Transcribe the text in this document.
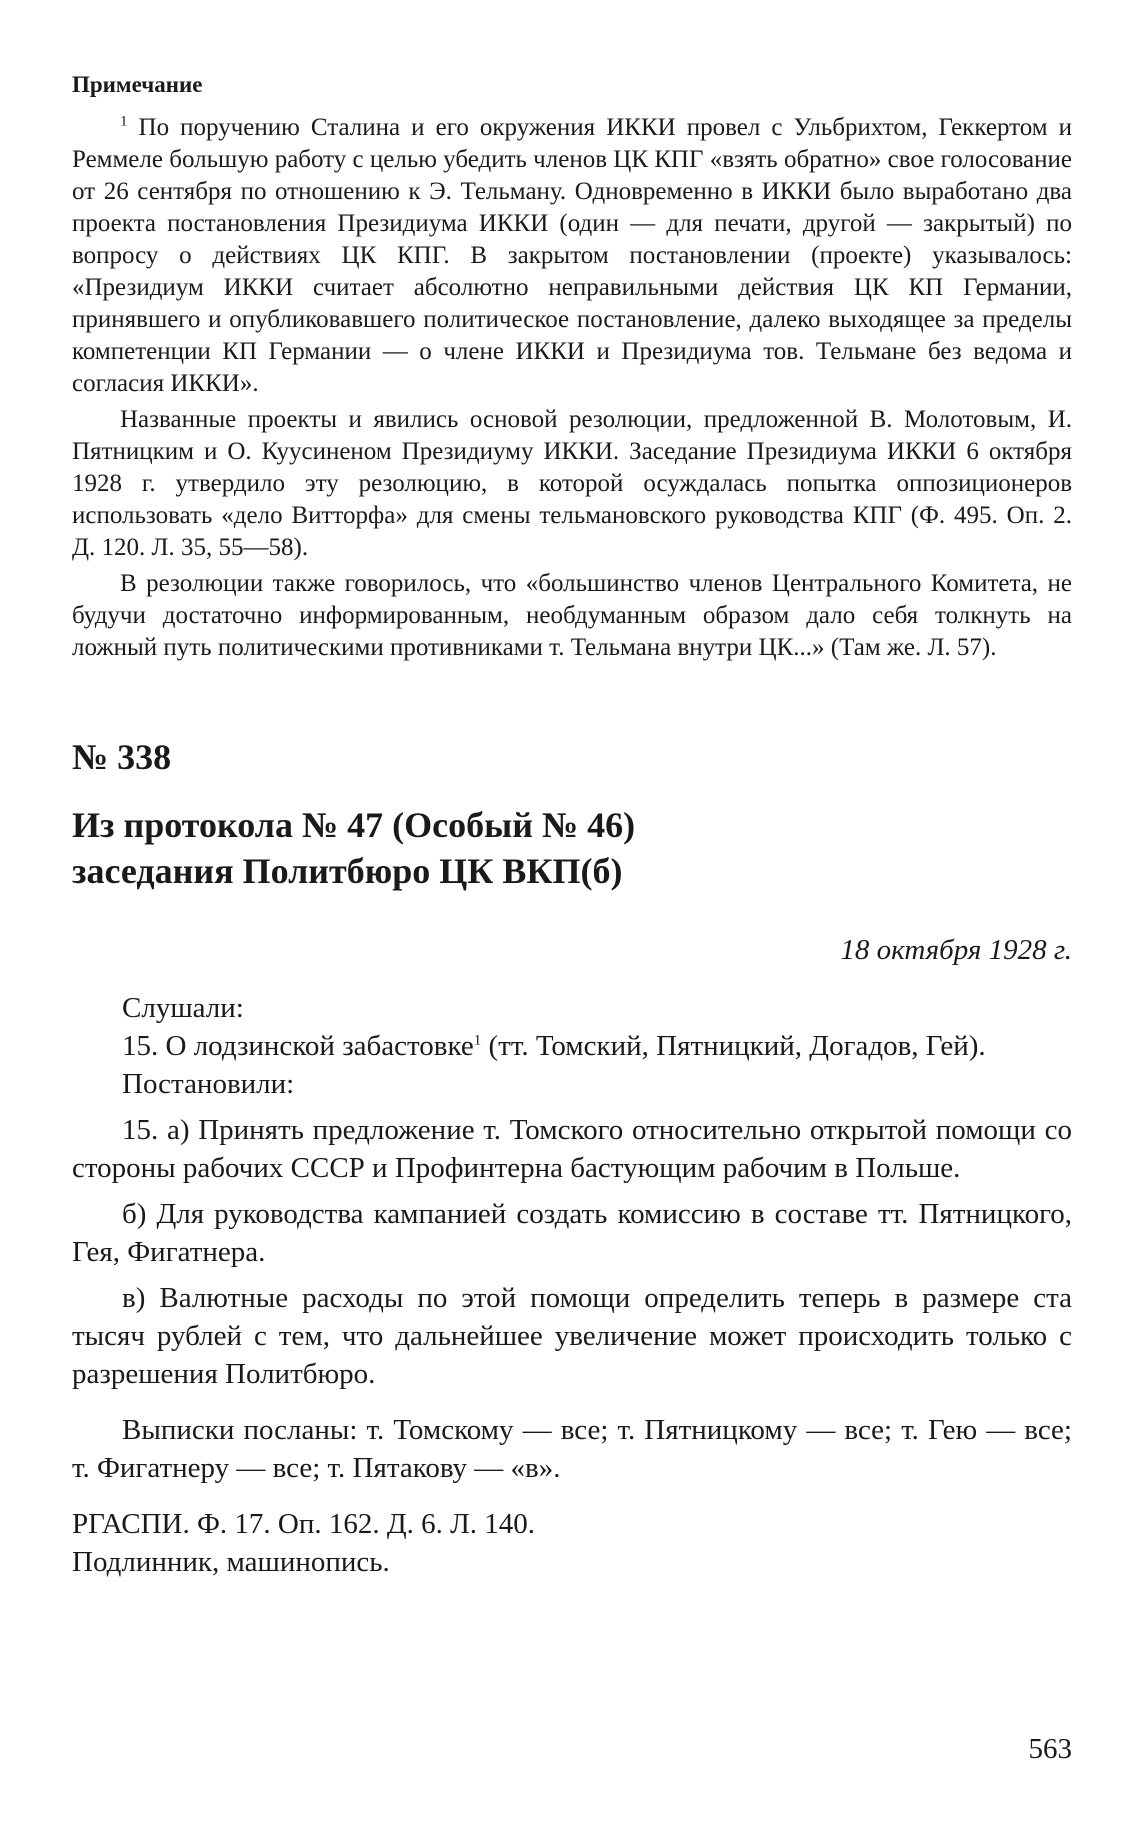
Примечание

$^1$ По поручению Сталина и его окружения ИККИ провел с Ульбрихтом, Геккертом и Реммеле большую работу с целью убедить членов ЦК КПГ «взять обратно» свое голосование от 26 сентября по отношению к Э. Тельману. Одновременно в ИККИ было выработано два проекта постановления Президиума ИККИ (один — для печати, другой — закрытый) по вопросу о действиях ЦК КПГ. В закрытом постановлении (проекте) указывалось: «Президиум ИККИ считает абсолютно неправильными действия ЦК КП Германии, принявшего и опубликовавшего политическое постановление, далеко выходящее за пределы компетенции КП Германии — о члене ИККИ и Президиума тов. Тельмане без ведома и согласия ИККИ».

Названные проекты и явились основой резолюции, предложенной В. Молотовым, И. Пятницким и О. Куусиненом Президиуму ИККИ. Заседание Президиума ИККИ 6 октября 1928 г. утвердило эту резолюцию, в которой осуждалась попытка оппозиционеров использовать «дело Витторфа» для смены тельмановского руководства КПГ (Ф. 495. Оп. 2. Д. 120. Л. 35, 55—58).

В резолюции также говорилось, что «большинство членов Центрального Комитета, не будучи достаточно информированным, необдуманным образом дало себя толкнуть на ложный путь политическими противниками т. Тельмана внутри ЦК...» (Там же. Л. 57).

№ 338
Из протокола № 47 (Особый № 46)
заседания Политбюро ЦК ВКП(б)
18 октября 1928 г.

Слушали:

15. О лодзинской забастовке$^1$ (тт. Томский, Пятницкий, Догадов, Гей).

Постановили:

15. а) Принять предложение т. Томского относительно открытой помощи со стороны рабочих СССР и Профинтерна бастующим рабочим в Польше.

б) Для руководства кампанией создать комиссию в составе тт. Пятницкого, Гея, Фигатнера.

в) Валютные расходы по этой помощи определить теперь в размере ста тысяч рублей с тем, что дальнейшее увеличение может происходить только с разрешения Политбюро.

Выписки посланы: т. Томскому — все; т. Пятницкому — все; т. Гею — все; т. Фигатнеру — все; т. Пятакову — «в».

РГАСПИ. Ф. 17. Оп. 162. Д. 6. Л. 140.
Подлинник, машинопись.
563
